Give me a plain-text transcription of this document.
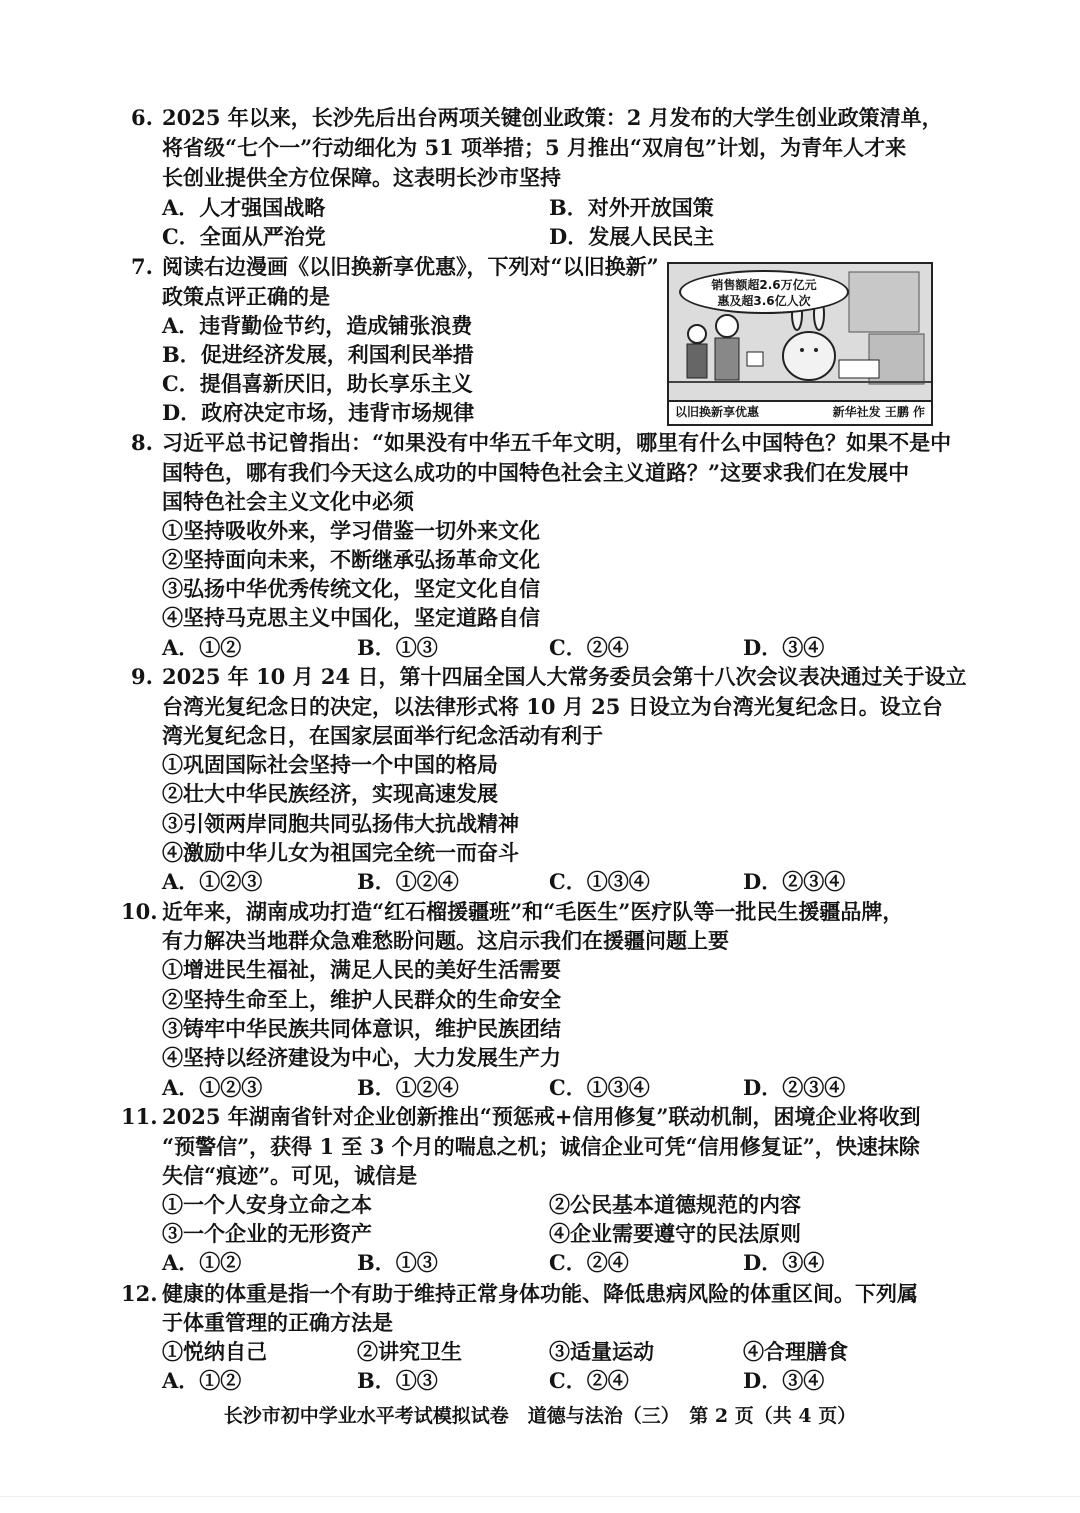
6. 2025 年以来，长沙先后出台两项关键创业政策：2 月发布的大学生创业政策清单，
将省级“七个一”行动细化为 51 项举措；5 月推出“双肩包”计划，为青年人才来
长创业提供全方位保障。这表明长沙市坚持
A．人才强国战略	B．对外开放国策
C．全面从严治党	D．发展人民民主
7. 阅读右边漫画《以旧换新享优惠》，下列对“以旧换新”
政策点评正确的是
A．违背勤俭节约，造成铺张浪费
B．促进经济发展，利国利民举措
C．提倡喜新厌旧，助长享乐主义
D．政府决定市场，违背市场规律
销售额超2.6万亿元
惠及超3.6亿人次
以旧换新享优惠	新华社发 王鹏 作
8. 习近平总书记曾指出：“如果没有中华五千年文明，哪里有什么中国特色？如果不是中
国特色，哪有我们今天这么成功的中国特色社会主义道路？”这要求我们在发展中
国特色社会主义文化中必须
①坚持吸收外来，学习借鉴一切外来文化
②坚持面向未来，不断继承弘扬革命文化
③弘扬中华优秀传统文化，坚定文化自信
④坚持马克思主义中国化，坚定道路自信
A．①②	B．①③	C．②④	D．③④
9. 2025 年 10 月 24 日，第十四届全国人大常务委员会第十八次会议表决通过关于设立
台湾光复纪念日的决定，以法律形式将 10 月 25 日设立为台湾光复纪念日。设立台
湾光复纪念日，在国家层面举行纪念活动有利于
①巩固国际社会坚持一个中国的格局
②壮大中华民族经济，实现高速发展
③引领两岸同胞共同弘扬伟大抗战精神
④激励中华儿女为祖国完全统一而奋斗
A．①②③	B．①②④	C．①③④	D．②③④
10. 近年来，湖南成功打造“红石榴援疆班”和“毛医生”医疗队等一批民生援疆品牌，
有力解决当地群众急难愁盼问题。这启示我们在援疆问题上要
①增进民生福祉，满足人民的美好生活需要
②坚持生命至上，维护人民群众的生命安全
③铸牢中华民族共同体意识，维护民族团结
④坚持以经济建设为中心，大力发展生产力
A．①②③	B．①②④	C．①③④	D．②③④
11. 2025 年湖南省针对企业创新推出“预惩戒+信用修复”联动机制，困境企业将收到
“预警信”，获得 1 至 3 个月的喘息之机；诚信企业可凭“信用修复证”，快速抹除
失信“痕迹”。可见，诚信是
①一个人安身立命之本	②公民基本道德规范的内容
③一个企业的无形资产	④企业需要遵守的民法原则
A．①②	B．①③	C．②④	D．③④
12. 健康的体重是指一个有助于维持正常身体功能、降低患病风险的体重区间。下列属
于体重管理的正确方法是
①悦纳自己	②讲究卫生	③适量运动	④合理膳食
A．①②	B．①③	C．②④	D．③④
长沙市初中学业水平考试模拟试卷　道德与法治（三）　第 2 页（共 4 页）
